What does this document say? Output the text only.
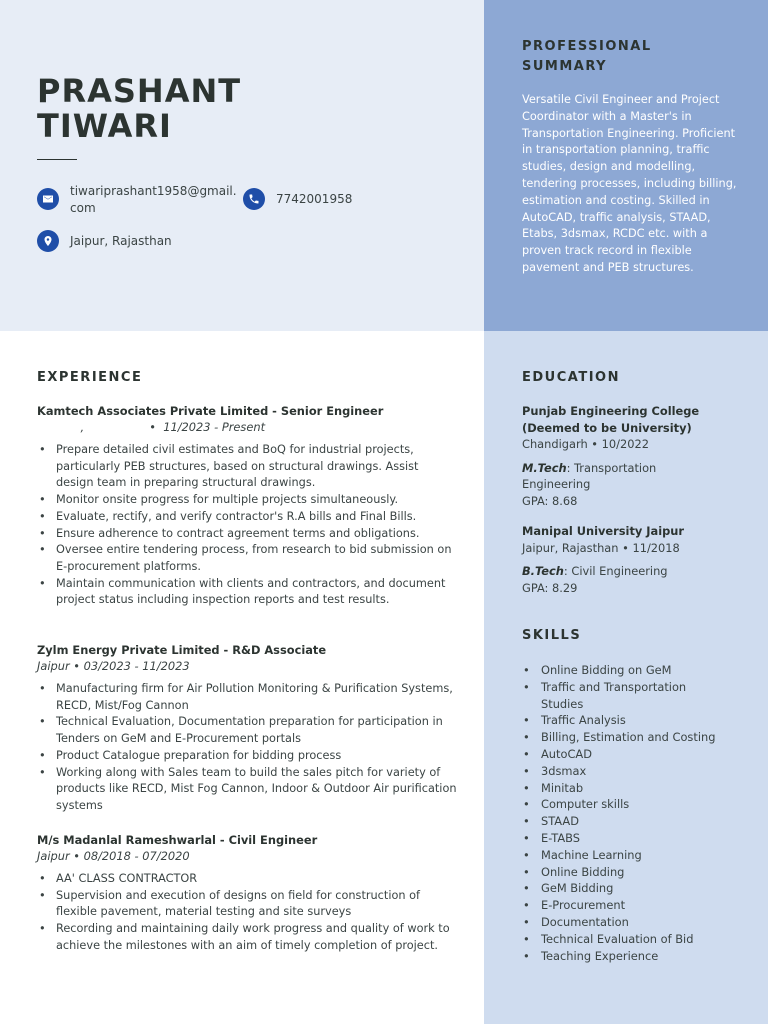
PRASHANT
TIWARI
tiwariprashant1958@gmail.
com
7742001958
Jaipur, Rajasthan
PROFESSIONAL
SUMMARY
Versatile Civil Engineer and Project Coordinator with a Master's in Transportation Engineering. Proficient in transportation planning, traffic studies, design and modelling, tendering processes, including billing, estimation and costing. Skilled in AutoCAD, traffic analysis, STAAD, Etabs, 3dsmax, RCDC etc. with a proven track record in flexible pavement and PEB structures.
EXPERIENCE
Kamtech Associates Private Limited - Senior Engineer
,                  •  11/2023 - Present
• Prepare detailed civil estimates and BoQ for industrial projects, particularly PEB structures, based on structural drawings. Assist design team in preparing structural drawings.
• Monitor onsite progress for multiple projects simultaneously.
• Evaluate, rectify, and verify contractor's R.A bills and Final Bills.
• Ensure adherence to contract agreement terms and obligations.
• Oversee entire tendering process, from research to bid submission on E-procurement platforms.
• Maintain communication with clients and contractors, and document project status including inspection reports and test results.
Zylm Energy Private Limited - R&D Associate
Jaipur • 03/2023 - 11/2023
• Manufacturing firm for Air Pollution Monitoring & Purification Systems, RECD, Mist/Fog Cannon
• Technical Evaluation, Documentation preparation for participation in Tenders on GeM and E-Procurement portals
• Product Catalogue preparation for bidding process
• Working along with Sales team to build the sales pitch for variety of products like RECD, Mist Fog Cannon, Indoor & Outdoor Air purification systems
M/s Madanlal Rameshwarlal - Civil Engineer
Jaipur • 08/2018 - 07/2020
• AA' CLASS CONTRACTOR
• Supervision and execution of designs on field for construction of flexible pavement, material testing and site surveys
• Recording and maintaining daily work progress and quality of work to achieve the milestones with an aim of timely completion of project.
EDUCATION
Punjab Engineering College
(Deemed to be University)
Chandigarh • 10/2022
M.Tech: Transportation
Engineering
GPA: 8.68
Manipal University Jaipur
Jaipur, Rajasthan • 11/2018
B.Tech: Civil Engineering
GPA: 8.29
SKILLS
• Online Bidding on GeM
• Traffic and Transportation Studies
• Traffic Analysis
• Billing, Estimation and Costing
• AutoCAD
• 3dsmax
• Minitab
• Computer skills
• STAAD
• E-TABS
• Machine Learning
• Online Bidding
• GeM Bidding
• E-Procurement
• Documentation
• Technical Evaluation of Bid
• Teaching Experience
